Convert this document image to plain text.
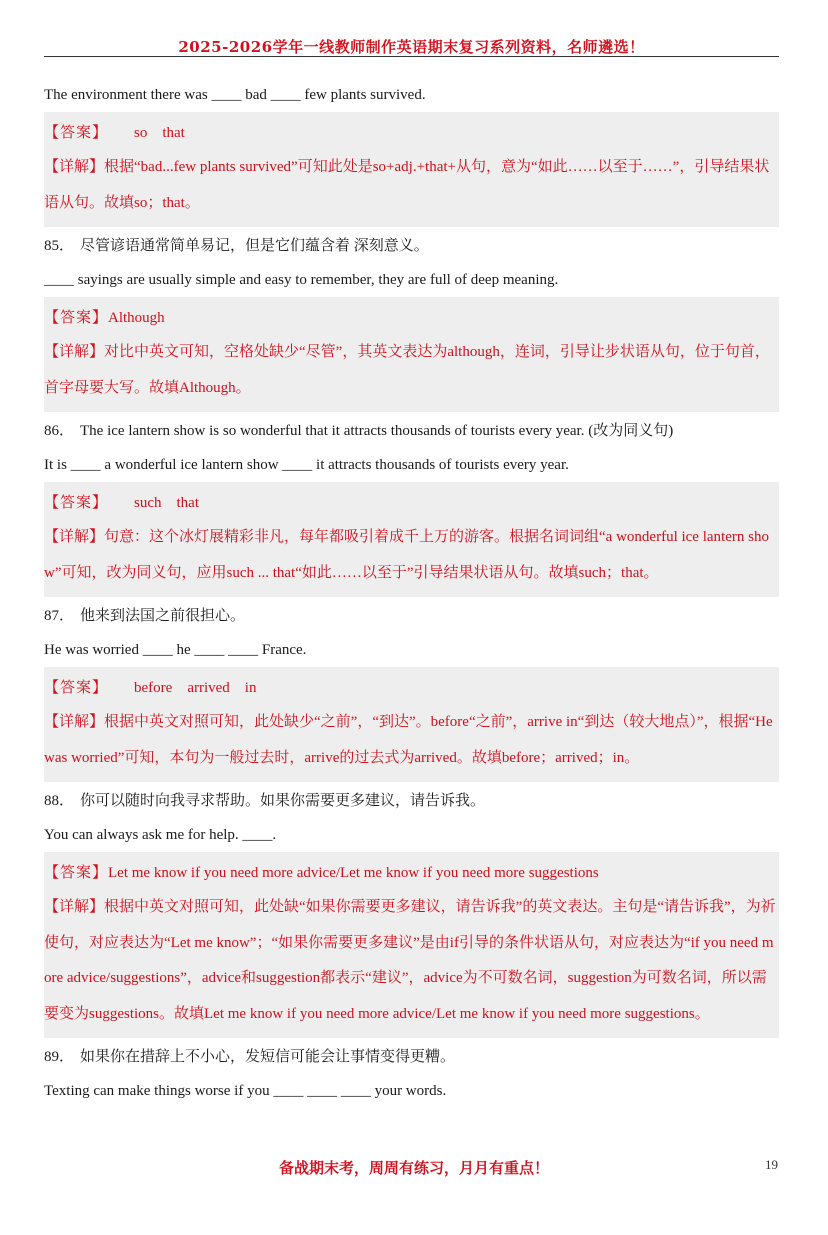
2025-2026学年一线教师制作英语期末复习系列资料，名师遴选！
The environment there was ____ bad ____ few plants survived.
【答案】 so    that
【详解】根据“bad...few plants survived”可知此处是so+adj.+that+从句，意为“如此……以至于……”，引导结果状语从句。故填so；that。
85． 尽管谚语通常简单易记，但是它们蕴含着 深刻意义。
____ sayings are usually simple and easy to remember, they are full of deep meaning.
【答案】Although
【详解】对比中英文可知，空格处缺少“尽管”，其英文表达为although，连词，引导让步状语从句，位于句首，首字母要大写。故填Although。
86． The ice lantern show is so wonderful that it attracts thousands of tourists every year. (改为同义句)
It is ____ a wonderful ice lantern show ____ it attracts thousands of tourists every year.
【答案】 such    that
【详解】句意：这个冰灯展精彩非凡，每年都吸引着成千上万的游客。根据名词词组“a wonderful ice lantern show”可知，改为同义句，应用such ... that“如此……以至于”引导结果状语从句。故填such；that。
87． 他来到法国之前很担心。
He was worried ____ he ____ ____ France.
【答案】 before    arrived    in
【详解】根据中英文对照可知，此处缺少“之前”，“到达”。before“之前”，arrive in“到达（较大地点）”，根据“He was worried”可知，本句为一般过去时，arrive的过去式为arrived。故填before；arrived；in。
88． 你可以随时向我寻求帮助。如果你需要更多建议，请告诉我。
You can always ask me for help. ____.
【答案】Let me know if you need more advice/Let me know if you need more suggestions
【详解】根据中英文对照可知，此处缺“如果你需要更多建议，请告诉我”的英文表达。主句是“请告诉我”，为祈使句，对应表达为“Let me know”；“如果你需要更多建议”是由if引导的条件状语从句，对应表达为“if you need more advice/suggestions”，advice和suggestion都表示“建议”，advice为不可数名词，suggestion为可数名词，所以需要变为suggestions。故填Let me know if you need more advice/Let me know if you need more suggestions。
89． 如果你在措辞上不小心，发短信可能会让事情变得更糟。
Texting can make things worse if you ____ ____ ____ your words.
备战期末考，周周有练习，月月有重点！	19
